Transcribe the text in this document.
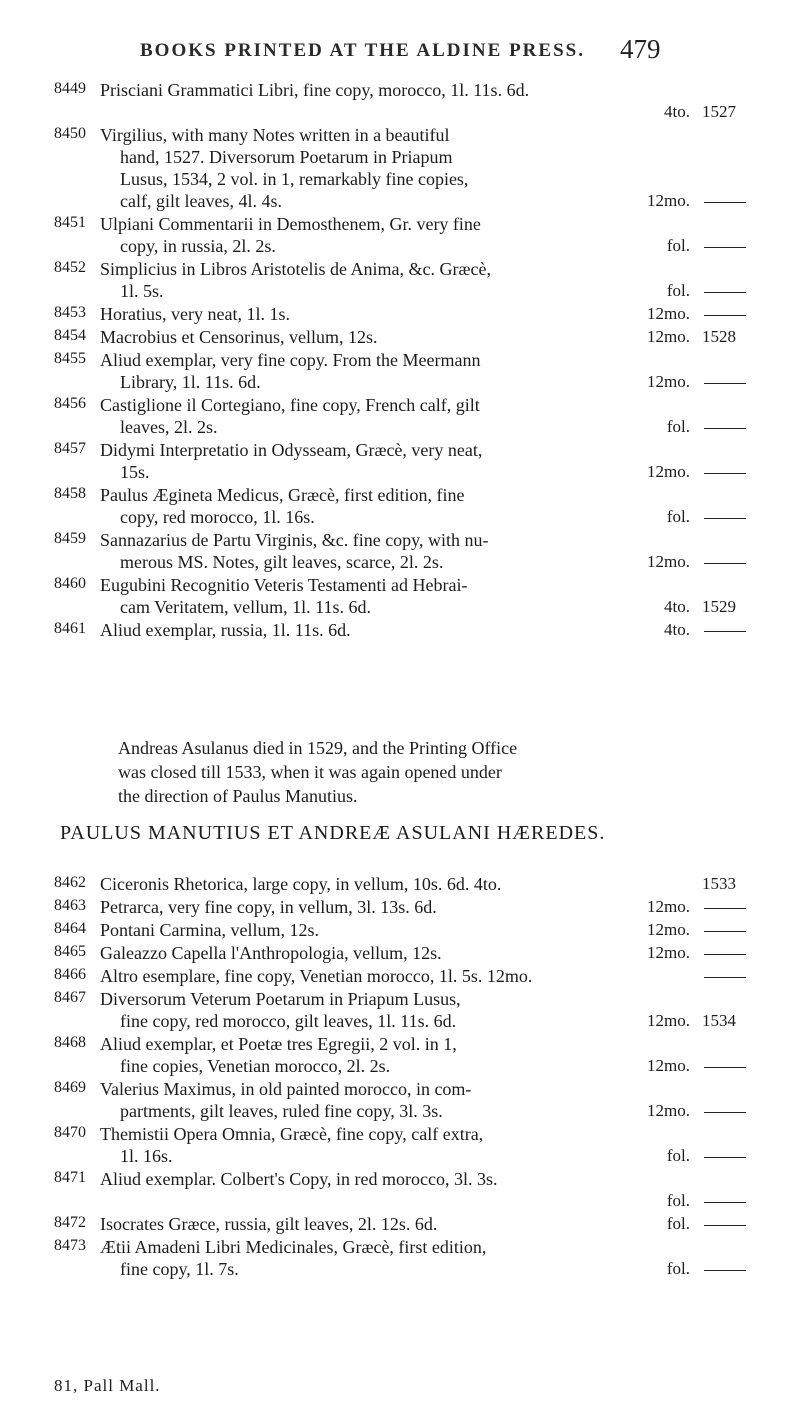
BOOKS PRINTED AT THE ALDINE PRESS. 479
8449 Prisciani Grammatici Libri, fine copy, morocco, 1l. 11s. 6d.
4to. 1527
8450 Virgilius, with many Notes written in a beautiful
hand, 1527. Diversorum Poetarum in Priapum
Lusus, 1534, 2 vol. in 1, remarkably fine copies,
calf, gilt leaves, 4l. 4s.	12mo.
8451 Ulpiani Commentarii in Demosthenem, Gr. very fine
copy, in russia, 2l. 2s.	fol.
8452 Simplicius in Libros Aristotelis de Anima, &c. Græcè,
1l. 5s.	fol.
8453 Horatius, very neat, 1l. 1s.	12mo.
8454 Macrobius et Censorinus, vellum, 12s.	12mo. 1528
8455 Aliud exemplar, very fine copy. From the Meermann
Library, 1l. 11s. 6d.	12mo.
8456 Castiglione il Cortegiano, fine copy, French calf, gilt
leaves, 2l. 2s.	fol.
8457 Didymi Interpretatio in Odysseam, Græcè, very neat,
15s.	12mo.
8458 Paulus Ægineta Medicus, Græcè, first edition, fine
copy, red morocco, 1l. 16s.	fol.
8459 Sannazarius de Partu Virginis, &c. fine copy, with nu-
merous MS. Notes, gilt leaves, scarce, 2l. 2s.	12mo.
8460 Eugubini Recognitio Veteris Testamenti ad Hebrai-
cam Veritatem, vellum, 1l. 11s. 6d.	4to. 1529
8461 Aliud exemplar, russia, 1l. 11s. 6d.	4to.
Andreas Asulanus died in 1529, and the Printing Office
was closed till 1533, when it was again opened under
the direction of Paulus Manutius.
PAULUS MANUTIUS ET ANDREÆ ASULANI HÆREDES.
8462 Ciceronis Rhetorica, large copy, in vellum, 10s. 6d. 4to.	1533
8463 Petrarca, very fine copy, in vellum, 3l. 13s. 6d.	12mo.
8464 Pontani Carmina, vellum, 12s.	12mo.
8465 Galeazzo Capella l'Anthropologia, vellum, 12s.	12mo.
8466 Altro esemplare, fine copy, Venetian morocco, 1l. 5s. 12mo.
8467 Diversorum Veterum Poetarum in Priapum Lusus,
fine copy, red morocco, gilt leaves, 1l. 11s. 6d.	12mo. 1534
8468 Aliud exemplar, et Poetæ tres Egregii, 2 vol. in 1,
fine copies, Venetian morocco, 2l. 2s.	12mo.
8469 Valerius Maximus, in old painted morocco, in com-
partments, gilt leaves, ruled fine copy, 3l. 3s.	12mo.
8470 Themistii Opera Omnia, Græcè, fine copy, calf extra,
1l. 16s.	fol.
8471 Aliud exemplar. Colbert's Copy, in red morocco, 3l. 3s.
fol.
8472 Isocrates Græce, russia, gilt leaves, 2l. 12s. 6d.	fol.
8473 Ætii Amadeni Libri Medicinales, Græcè, first edition,
fine copy, 1l. 7s.	fol.
81, Pall Mall.
